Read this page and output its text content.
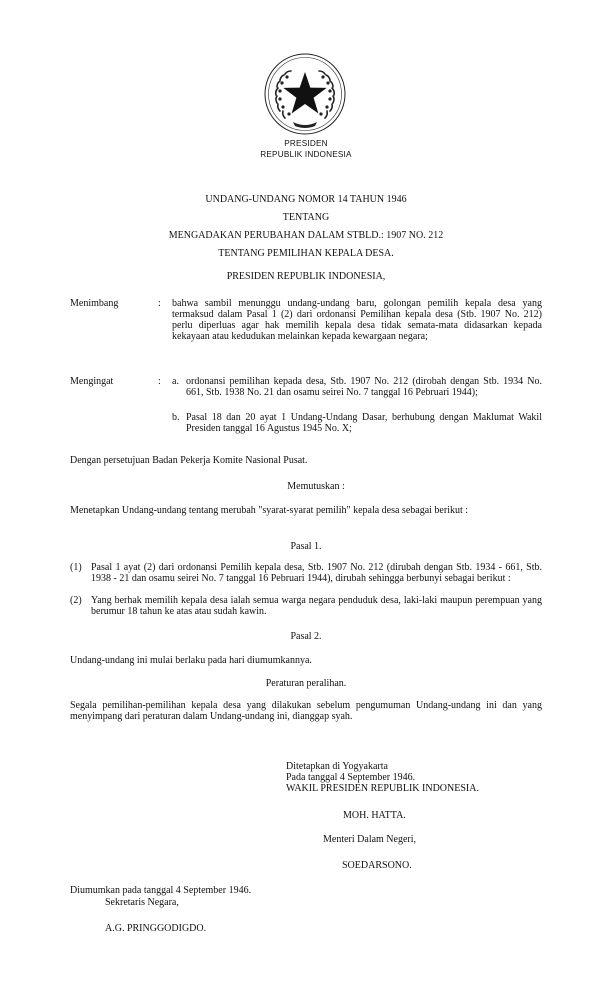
PRESIDEN
REPUBLIK INDONESIA
UNDANG-UNDANG NOMOR 14 TAHUN 1946
TENTANG
MENGADAKAN PERUBAHAN DALAM STBLD.: 1907 NO. 212
TENTANG PEMILIHAN KEPALA DESA.
PRESIDEN REPUBLIK INDONESIA,
Menimbang	: bahwa sambil menunggu undang-undang baru, golongan pemilih kepala desa yang termaksud dalam Pasal 1 (2) dari ordonansi Pemilihan kepala desa (Stb. 1907 No. 212) perlu diperluas agar hak memilih kepala desa tidak semata-mata didasarkan kepada kekayaan atau kedudukan melainkan kepada kewargaan negara;
Mengingat	: a. ordonansi pemilihan kepada desa, Stb. 1907 No. 212 (dirobah dengan Stb. 1934 No. 661, Stb. 1938 No. 21 dan osamu seirei No. 7 tanggal 16 Pebruari 1944);
b. Pasal 18 dan 20 ayat 1 Undang-Undang Dasar, berhubung dengan Maklumat Wakil Presiden tanggal 16 Agustus 1945 No. X;
Dengan persetujuan Badan Pekerja Komite Nasional Pusat.
Memutuskan :
Menetapkan Undang-undang tentang merubah "syarat-syarat pemilih" kepala desa sebagai berikut :
Pasal 1.
(1) Pasal 1 ayat (2) dari ordonansi Pemilih kepala desa, Stb. 1907 No. 212 (dirubah dengan Stb. 1934 - 661, Stb. 1938 - 21 dan osamu seirei No. 7 tanggal 16 Pebruari 1944), dirubah sehingga berbunyi sebagai berikut :
(2) Yang berhak memilih kepala desa ialah semua warga negara penduduk desa, laki-laki maupun perempuan yang berumur 18 tahun ke atas atau sudah kawin.
Pasal 2.
Undang-undang ini mulai berlaku pada hari diumumkannya.
Peraturan peralihan.
Segala pemilihan-pemilihan kepala desa yang dilakukan sebelum pengumuman Undang-undang ini dan yang menyimpang dari peraturan dalam Undang-undang ini, dianggap syah.
Ditetapkan di Yogyakarta
Pada tanggal 4 September 1946.
WAKIL PRESIDEN REPUBLIK INDONESIA.
MOH. HATTA.
Menteri Dalam Negeri,
SOEDARSONO.
Diumumkan pada tanggal 4 September 1946.
Sekretaris Negara,
A.G. PRINGGODIGDO.
